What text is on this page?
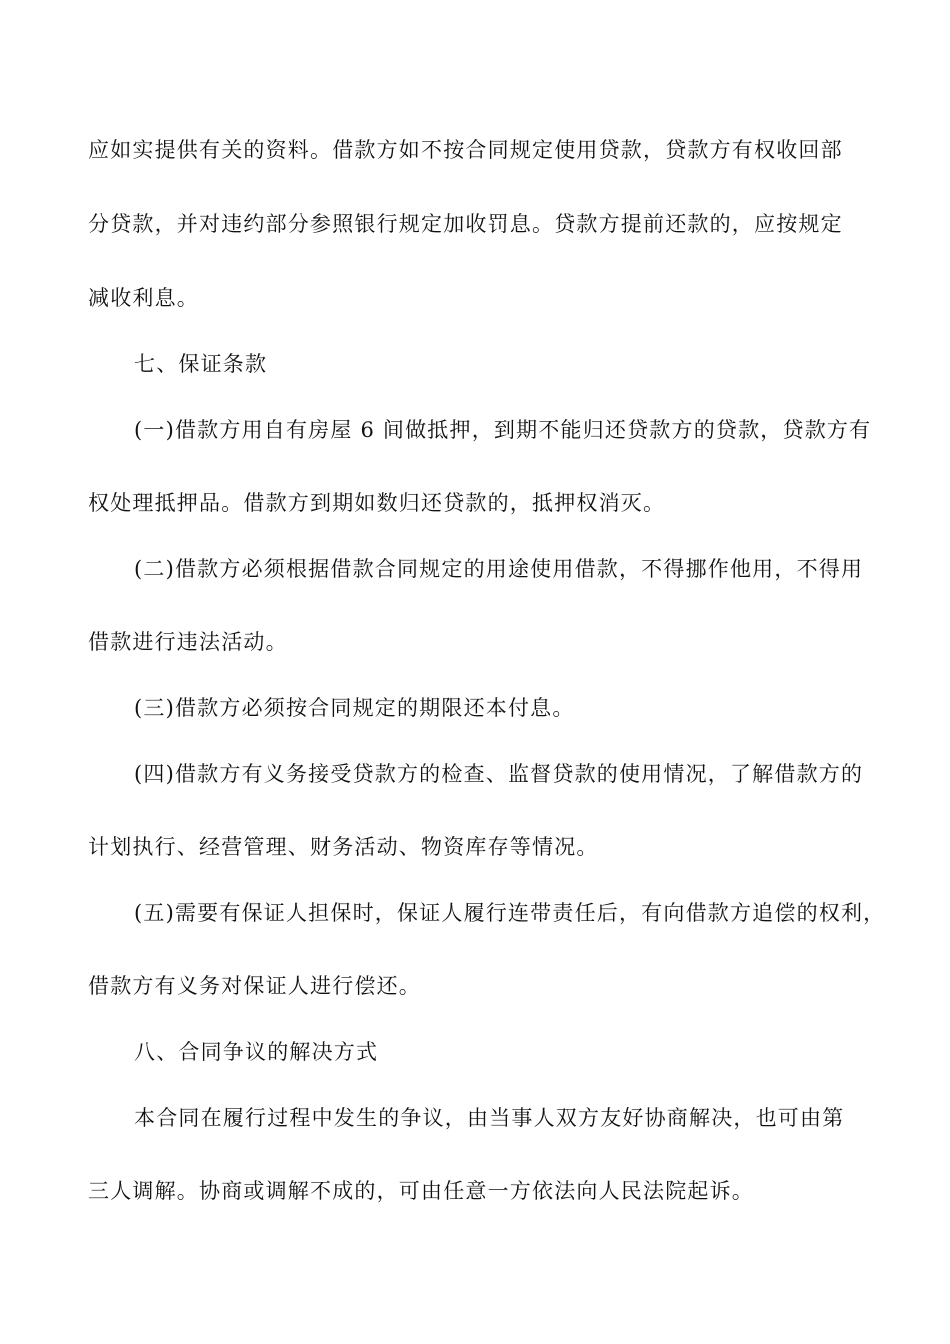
应如实提供有关的资料。借款方如不按合同规定使用贷款，贷款方有权收回部
分贷款，并对违约部分参照银行规定加收罚息。贷款方提前还款的，应按规定
减收利息。
七、保证条款
(一)借款方用自有房屋 6 间做抵押，到期不能归还贷款方的贷款，贷款方有
权处理抵押品。借款方到期如数归还贷款的，抵押权消灭。
(二)借款方必须根据借款合同规定的用途使用借款，不得挪作他用，不得用
借款进行违法活动。
(三)借款方必须按合同规定的期限还本付息。
(四)借款方有义务接受贷款方的检查、监督贷款的使用情况，了解借款方的
计划执行、经营管理、财务活动、物资库存等情况。
(五)需要有保证人担保时，保证人履行连带责任后，有向借款方追偿的权利，
借款方有义务对保证人进行偿还。
八、合同争议的解决方式
本合同在履行过程中发生的争议，由当事人双方友好协商解决，也可由第
三人调解。协商或调解不成的，可由任意一方依法向人民法院起诉。
